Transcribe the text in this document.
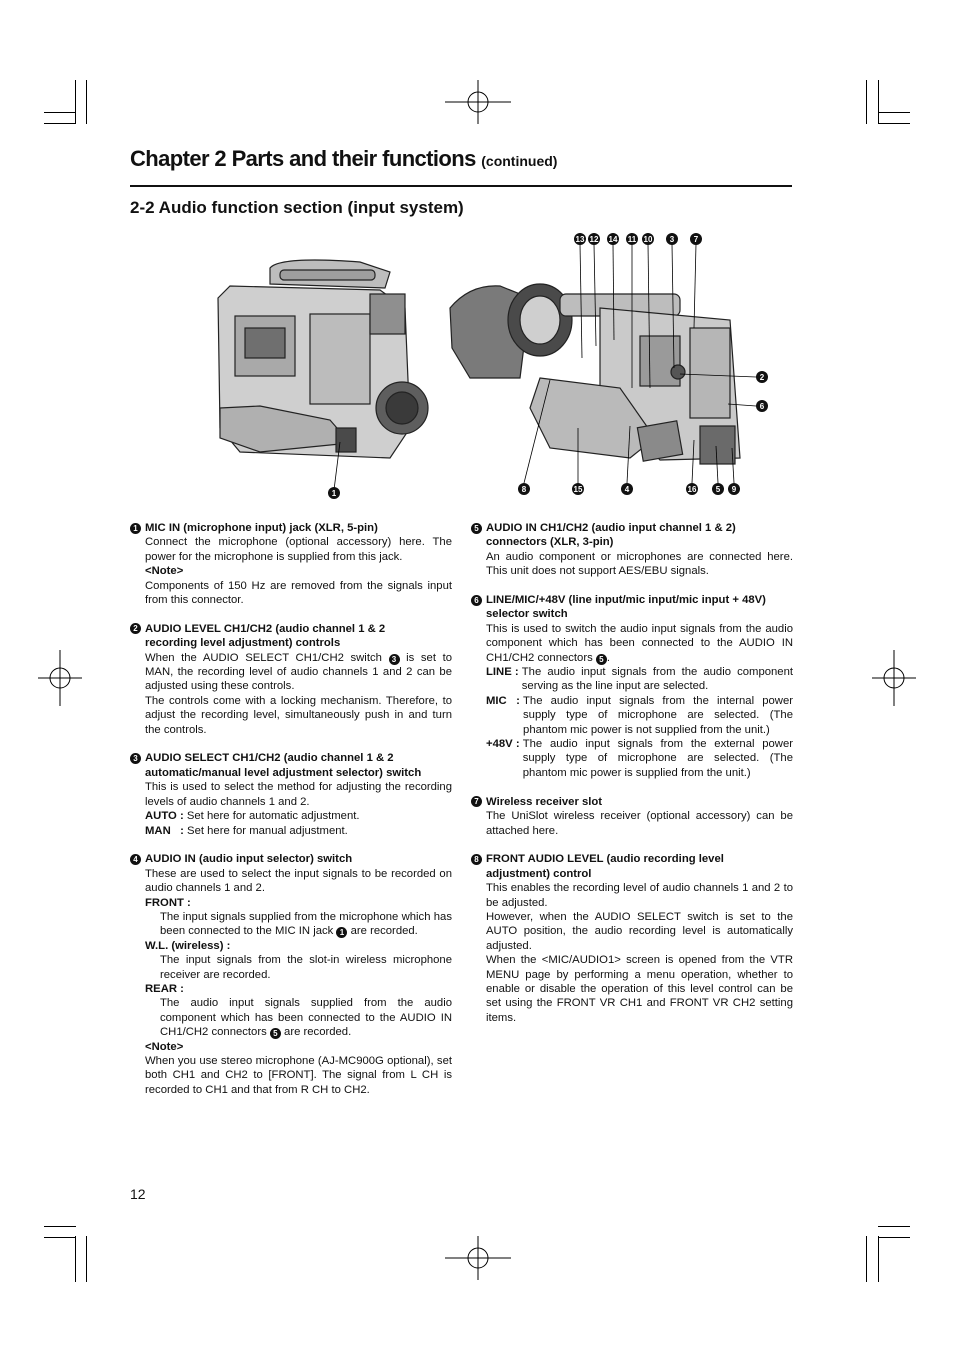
Chapter 2 Parts and their functions (continued)
2-2 Audio function section (input system)
1
13 12 14 11 10 3 7
2
6
8	15	4	16 5 9
1 MIC IN (microphone input) jack (XLR, 5-pin)
Connect the microphone (optional accessory) here. The power for the microphone is supplied from this jack.
<Note>
Components of 150 Hz are removed from the signals input from this connector.
2 AUDIO LEVEL CH1/CH2 (audio channel 1 & 2
recording level adjustment) controls
When the AUDIO SELECT CH1/CH2 switch 3 is set to MAN, the recording level of audio channels 1 and 2 can be adjusted using these controls.
The controls come with a locking mechanism. Therefore, to adjust the recording level, simultaneously push in and turn the controls.
3 AUDIO SELECT CH1/CH2 (audio channel 1 & 2
automatic/manual level adjustment selector) switch
This is used to select the method for adjusting the recording levels of audio channels 1 and 2.
AUTO : Set here for automatic adjustment.
MAN   : Set here for manual adjustment.
4 AUDIO IN (audio input selector) switch
These are used to select the input signals to be recorded on audio channels 1 and 2.
FRONT :
The input signals supplied from the microphone which has been connected to the MIC IN jack 1 are recorded.
W.L. (wireless) :
The input signals from the slot-in wireless microphone receiver are recorded.
REAR :
The audio input signals supplied from the audio component which has been connected to the AUDIO IN CH1/CH2 connectors 5 are recorded.
<Note>
When you use stereo microphone (AJ-MC900G optional), set both CH1 and CH2 to [FRONT]. The signal from L CH is recorded to CH1 and that from R CH to CH2.
5 AUDIO IN CH1/CH2 (audio input channel 1 & 2)
connectors (XLR, 3-pin)
An audio component or microphones are connected here. This unit does not support AES/EBU signals.
6 LINE/MIC/+48V (line input/mic input/mic input + 48V)
selector switch
This is used to switch the audio input signals from the audio component which has been connected to the AUDIO IN CH1/CH2 connectors 5 .
LINE : The audio input signals from the audio component serving as the line input are selected.
MIC   : The audio input signals from the internal power supply type of microphone are selected. (The phantom mic power is not supplied from the unit.)
+48V : The audio input signals from the external power supply type of microphone are selected. (The phantom mic power is supplied from the unit.)
7 Wireless receiver slot
The UniSlot wireless receiver (optional accessory) can be attached here.
8 FRONT AUDIO LEVEL (audio recording level
adjustment) control
This enables the recording level of audio channels 1 and 2 to be adjusted.
However, when the AUDIO SELECT switch is set to the AUTO position, the audio recording level is automatically adjusted.
When the <MIC/AUDIO1> screen is opened from the VTR MENU page by performing a menu operation, whether to enable or disable the operation of this level control can be set using the FRONT VR CH1 and FRONT VR CH2 setting items.
12
